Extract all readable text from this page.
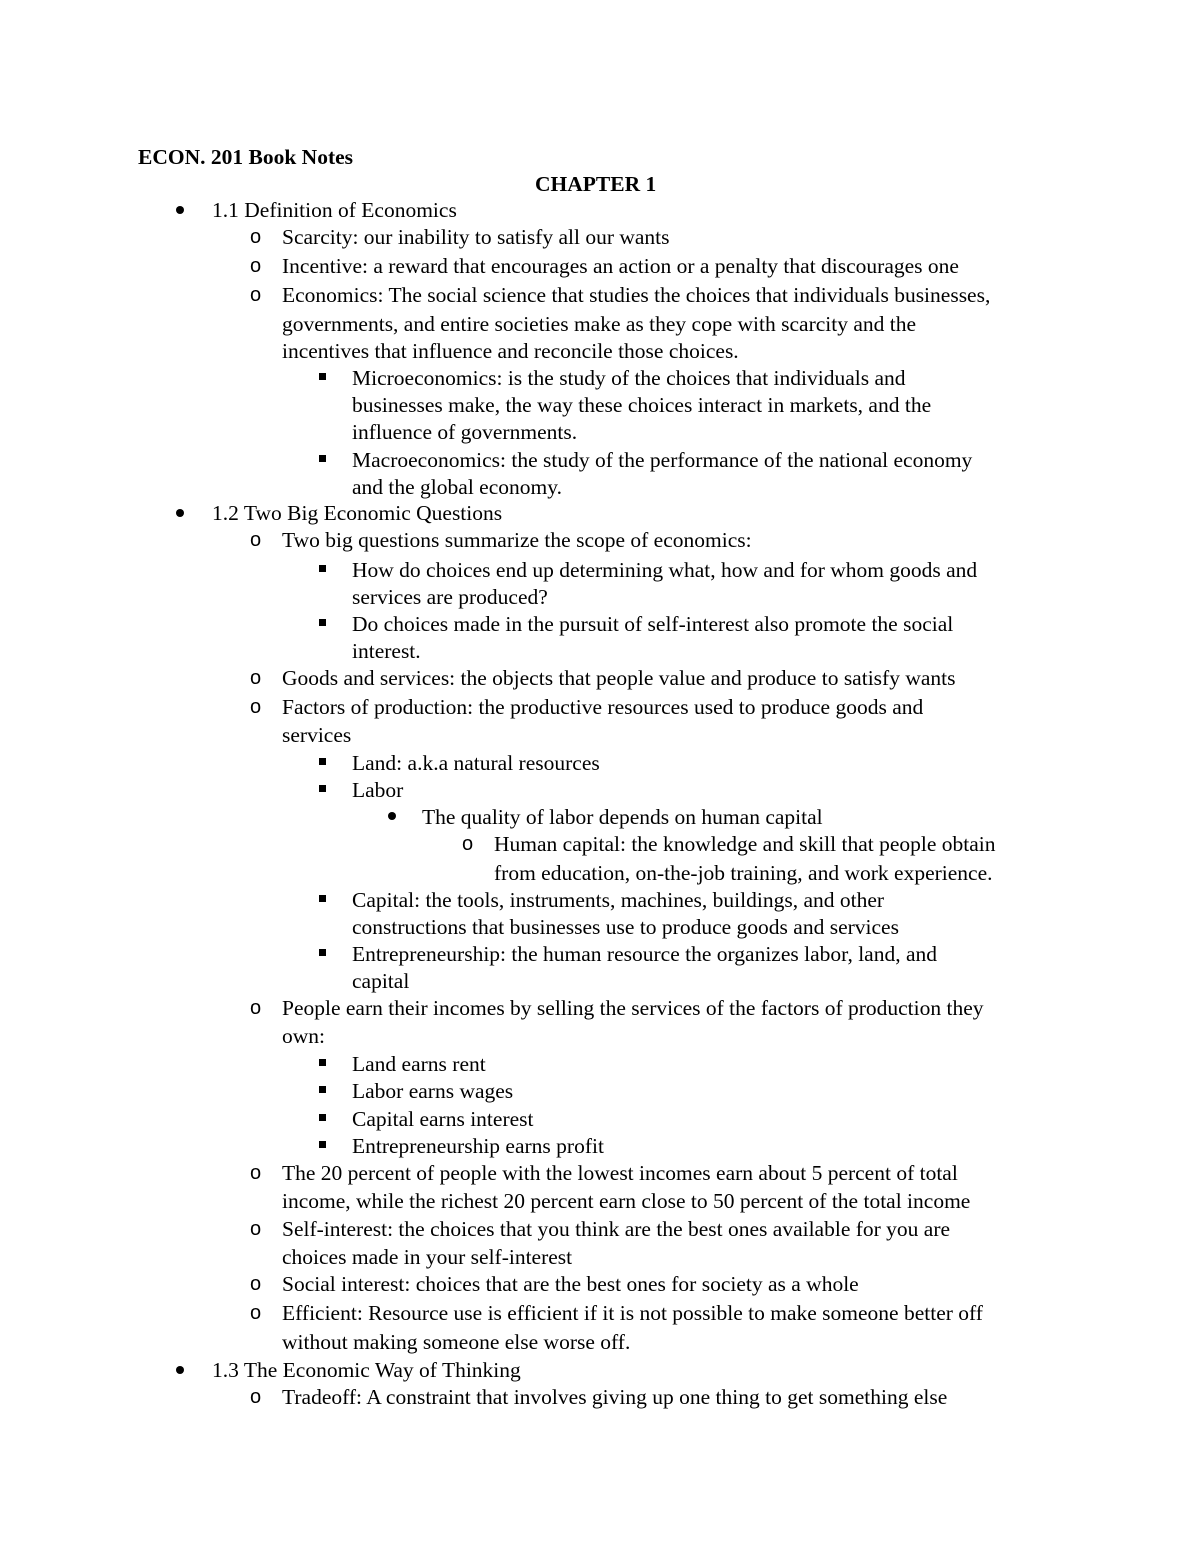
ECON. 201 Book Notes
CHAPTER 1
1.1 Definition of Economics
o Scarcity: our inability to satisfy all our wants
o Incentive: a reward that encourages an action or a penalty that discourages one
o Economics: The social science that studies the choices that individuals businesses,
governments, and entire societies make as they cope with scarcity and the
incentives that influence and reconcile those choices.
Microeconomics: is the study of the choices that individuals and
businesses make, the way these choices interact in markets, and the
influence of governments.
Macroeconomics: the study of the performance of the national economy
and the global economy.
1.2 Two Big Economic Questions
o Two big questions summarize the scope of economics:
How do choices end up determining what, how and for whom goods and
services are produced?
Do choices made in the pursuit of self-interest also promote the social
interest.
o Goods and services: the objects that people value and produce to satisfy wants
o Factors of production: the productive resources used to produce goods and
services
Land: a.k.a natural resources
Labor
The quality of labor depends on human capital
o Human capital: the knowledge and skill that people obtain
from education, on-the-job training, and work experience.
Capital: the tools, instruments, machines, buildings, and other
constructions that businesses use to produce goods and services
Entrepreneurship: the human resource the organizes labor, land, and
capital
o People earn their incomes by selling the services of the factors of production they
own:
Land earns rent
Labor earns wages
Capital earns interest
Entrepreneurship earns profit
o The 20 percent of people with the lowest incomes earn about 5 percent of total
income, while the richest 20 percent earn close to 50 percent of the total income
o Self-interest: the choices that you think are the best ones available for you are
choices made in your self-interest
o Social interest: choices that are the best ones for society as a whole
o Efficient: Resource use is efficient if it is not possible to make someone better off
without making someone else worse off.
1.3 The Economic Way of Thinking
o Tradeoff: A constraint that involves giving up one thing to get something else
